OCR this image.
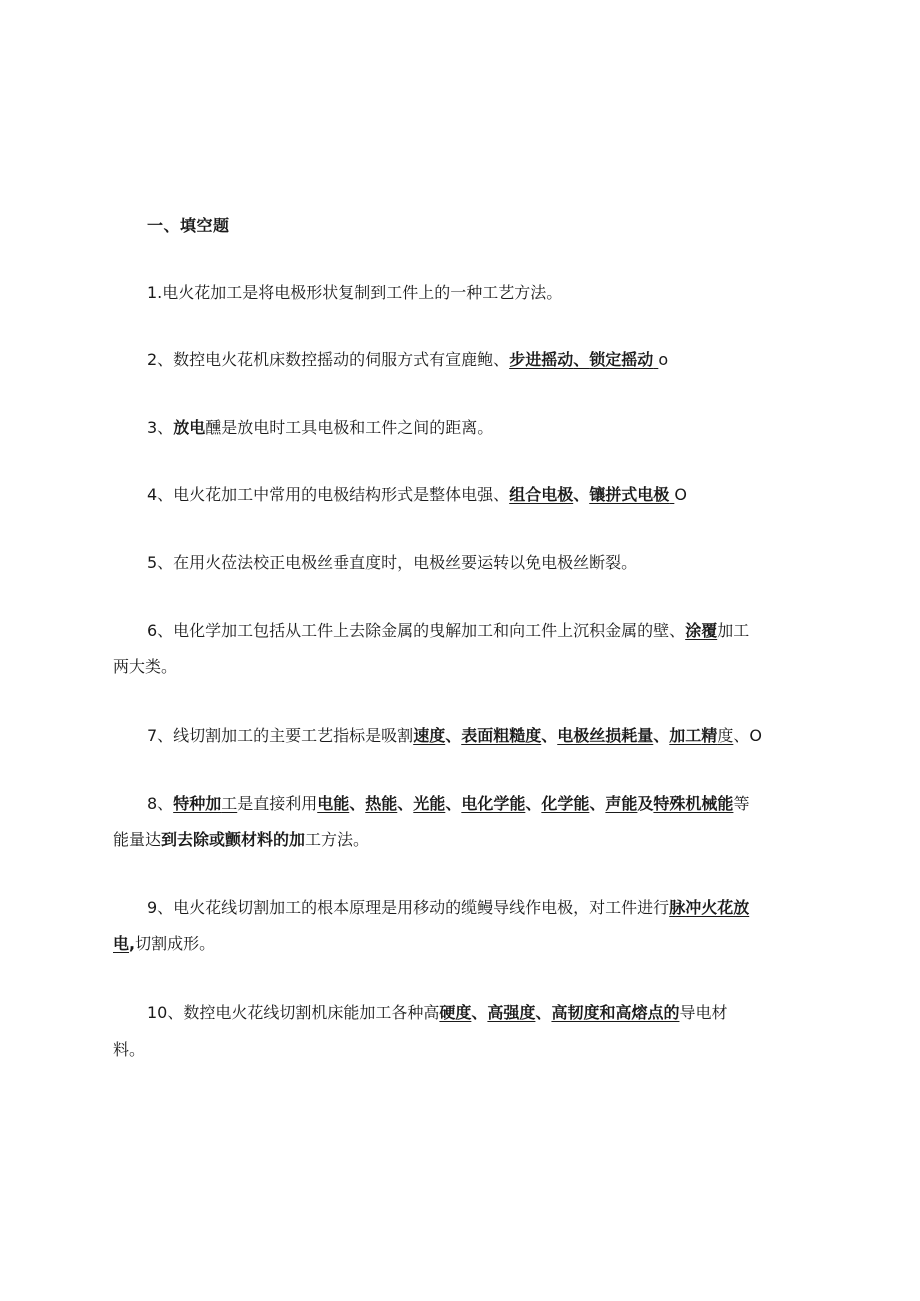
一、填空题
1.电火花加工是将电极形状复制到工件上的一种工艺方法。
2、数控电火花机床数控摇动的伺服方式有宣鹿鲍、步进摇动、锁定摇动 o
3、放电醺是放电时工具电极和工件之间的距离。
4、电火花加工中常用的电极结构形式是整体电强、组合电极、镶拼式电极 O
5、在用火莅法校正电极丝垂直度时，电极丝要运转以免电极丝断裂。
6、电化学加工包括从工件上去除金属的曳解加工和向工件上沉积金属的壁、涂覆加工
两大类。
7、线切割加工的主要工艺指标是吸割速度、表面粗糙度、电极丝损耗量、加工精度、O
8、特种加工是直接利用电能、热能、光能、电化学能、化学能、声能及特殊机械能等
能量达到去除或颤材料的加工方法。
9、电火花线切割加工的根本原理是用移动的缆鳗导线作电极，对工件进行脉冲火花放
电,切割成形。
10、数控电火花线切割机床能加工各种高硬度、高强度、高韧度和高熔点的导电材
料。
